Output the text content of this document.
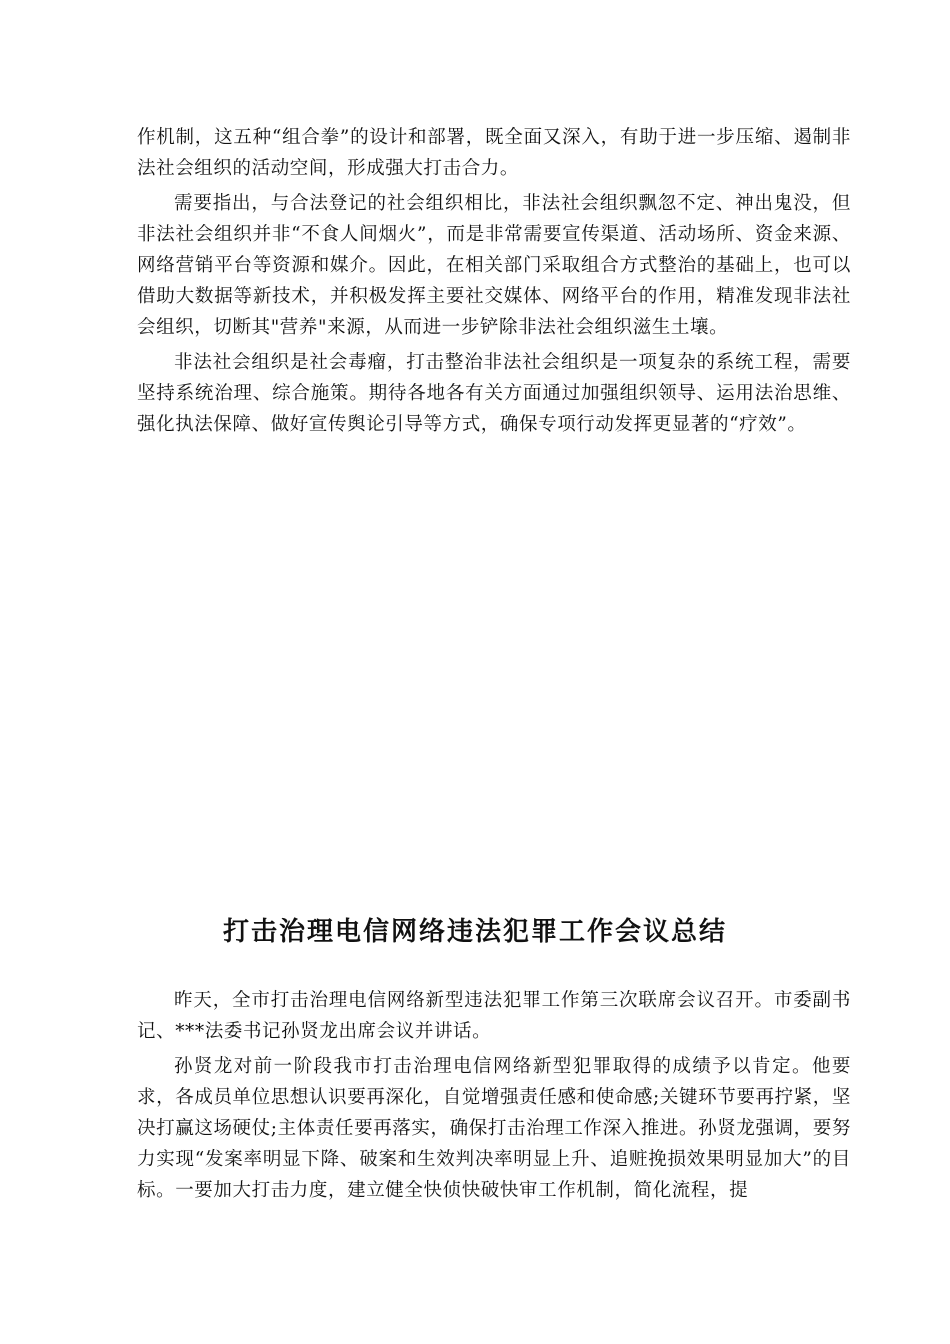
作机制，这五种“组合拳”的设计和部署，既全面又深入，有助于进一步压缩、遏制非法社会组织的活动空间，形成强大打击合力。

需要指出，与合法登记的社会组织相比，非法社会组织飘忽不定、神出鬼没，但非法社会组织并非“不食人间烟火”，而是非常需要宣传渠道、活动场所、资金来源、网络营销平台等资源和媒介。因此，在相关部门采取组合方式整治的基础上，也可以借助大数据等新技术，并积极发挥主要社交媒体、网络平台的作用，精准发现非法社会组织，切断其"营养"来源，从而进一步铲除非法社会组织滋生土壤。

非法社会组织是社会毒瘤，打击整治非法社会组织是一项复杂的系统工程，需要坚持系统治理、综合施策。期待各地各有关方面通过加强组织领导、运用法治思维、强化执法保障、做好宣传舆论引导等方式，确保专项行动发挥更显著的“疗效”。

打击治理电信网络违法犯罪工作会议总结

昨天，全市打击治理电信网络新型违法犯罪工作第三次联席会议召开。市委副书记、***法委书记孙贤龙出席会议并讲话。

孙贤龙对前一阶段我市打击治理电信网络新型犯罪取得的成绩予以肯定。他要求，各成员单位思想认识要再深化，自觉增强责任感和使命感;关键环节要再拧紧，坚决打赢这场硬仗;主体责任要再落实，确保打击治理工作深入推进。孙贤龙强调，要努力实现“发案率明显下降、破案和生效判决率明显上升、追赃挽损效果明显加大”的目标。一要加大打击力度，建立健全快侦快破快审工作机制，简化流程，提
